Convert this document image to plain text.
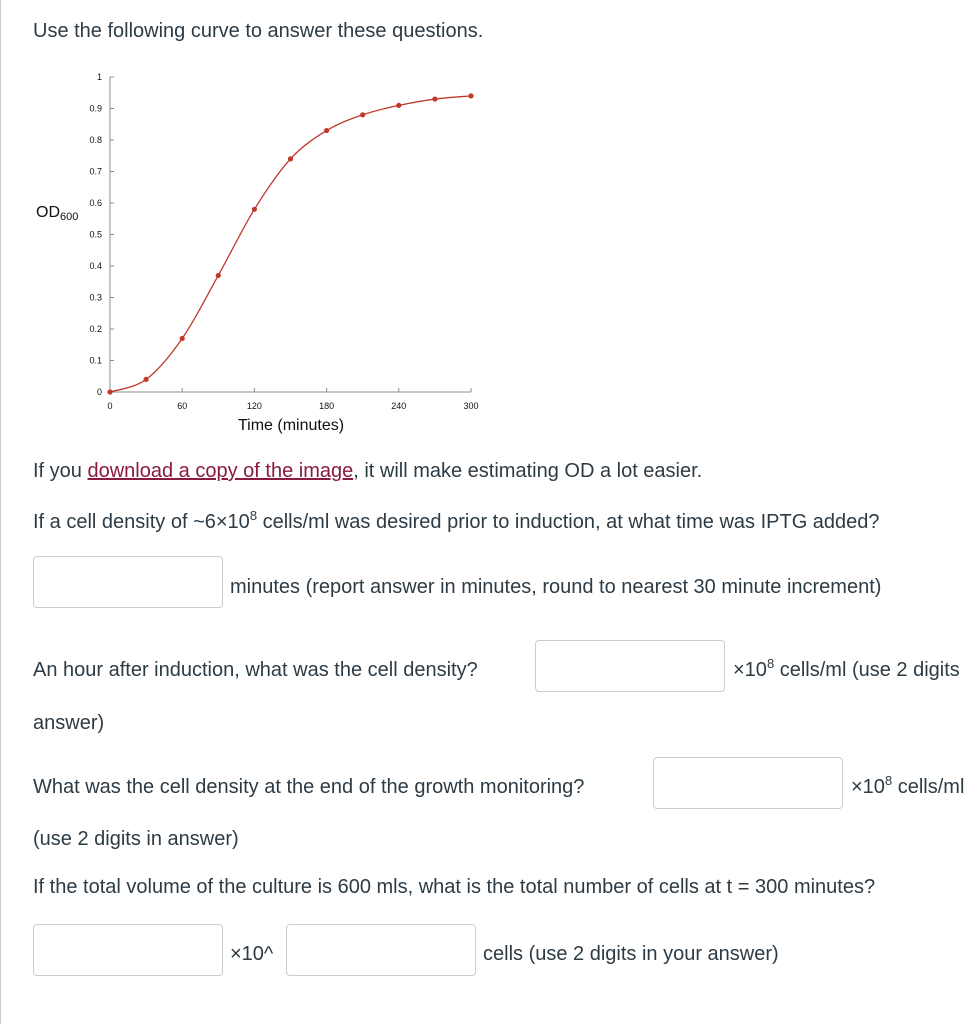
Use the following curve to answer these questions.
OD600
Time (minutes)
0
0.1
0.2
0.3
0.4
0.5
0.6
0.7
0.8
0.9
1
0	60	120	180	240	300
If you download a copy of the image, it will make estimating OD a lot easier.
If a cell density of $\sim 6\times 10^8$ cells/ml was desired prior to induction, at what time was IPTG added?
minutes (report answer in minutes, round to nearest 30 minute increment)
An hour after induction, what was the cell density?	$\times 10^8$ cells/ml (use 2 digits
answer)
What was the cell density at the end of the growth monitoring?	$\times 10^8$ cells/ml
(use 2 digits in answer)
If the total volume of the culture is 600 mls, what is the total number of cells at t = 300 minutes?
×10^	cells (use 2 digits in your answer)
